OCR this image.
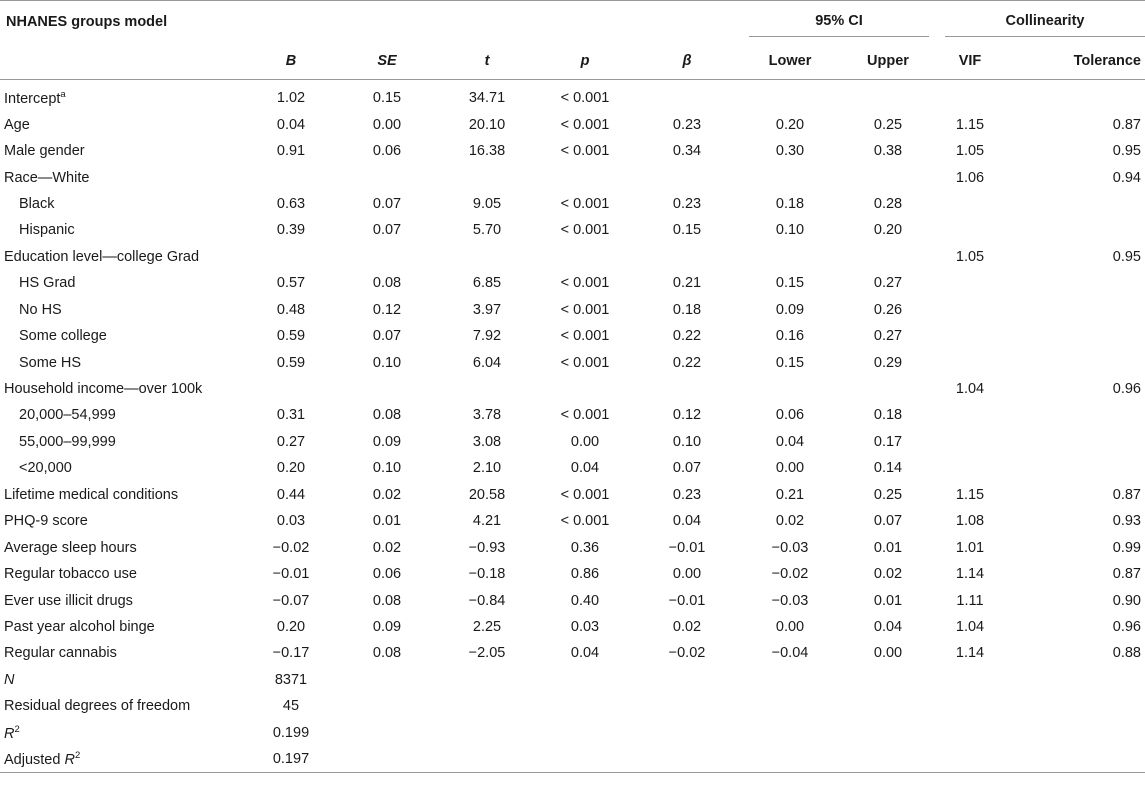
NHANES groups model						95% CI		Collinearity	

	B	SE	t	p	β	Lower	Upper	VIF	Tolerance
Intercept$^a$	1.02	0.15	34.71	< 0.001					
Age	0.04	0.00	20.10	< 0.001	0.23	0.20	0.25	1.15	0.87
Male gender	0.91	0.06	16.38	< 0.001	0.34	0.30	0.38	1.05	0.95
Race—White								1.06	0.94
Black	0.63	0.07	9.05	< 0.001	0.23	0.18	0.28		
Hispanic	0.39	0.07	5.70	< 0.001	0.15	0.10	0.20		
Education level—college Grad								1.05	0.95
HS Grad	0.57	0.08	6.85	< 0.001	0.21	0.15	0.27		
No HS	0.48	0.12	3.97	< 0.001	0.18	0.09	0.26		
Some college	0.59	0.07	7.92	< 0.001	0.22	0.16	0.27		
Some HS	0.59	0.10	6.04	< 0.001	0.22	0.15	0.29		
Household income—over 100k								1.04	0.96
20,000–54,999	0.31	0.08	3.78	< 0.001	0.12	0.06	0.18		
55,000–99,999	0.27	0.09	3.08	0.00	0.10	0.04	0.17		
<20,000	0.20	0.10	2.10	0.04	0.07	0.00	0.14		
Lifetime medical conditions	0.44	0.02	20.58	< 0.001	0.23	0.21	0.25	1.15	0.87
PHQ-9 score	0.03	0.01	4.21	< 0.001	0.04	0.02	0.07	1.08	0.93
Average sleep hours	−0.02	0.02	−0.93	0.36	−0.01	−0.03	0.01	1.01	0.99
Regular tobacco use	−0.01	0.06	−0.18	0.86	0.00	−0.02	0.02	1.14	0.87
Ever use illicit drugs	−0.07	0.08	−0.84	0.40	−0.01	−0.03	0.01	1.11	0.90
Past year alcohol binge	0.20	0.09	2.25	0.03	0.02	0.00	0.04	1.04	0.96
Regular cannabis	−0.17	0.08	−2.05	0.04	−0.02	−0.04	0.00	1.14	0.88
N	8371								
Residual degrees of freedom	45								
$R^2$	0.199								
Adjusted $R^2$	0.197								
